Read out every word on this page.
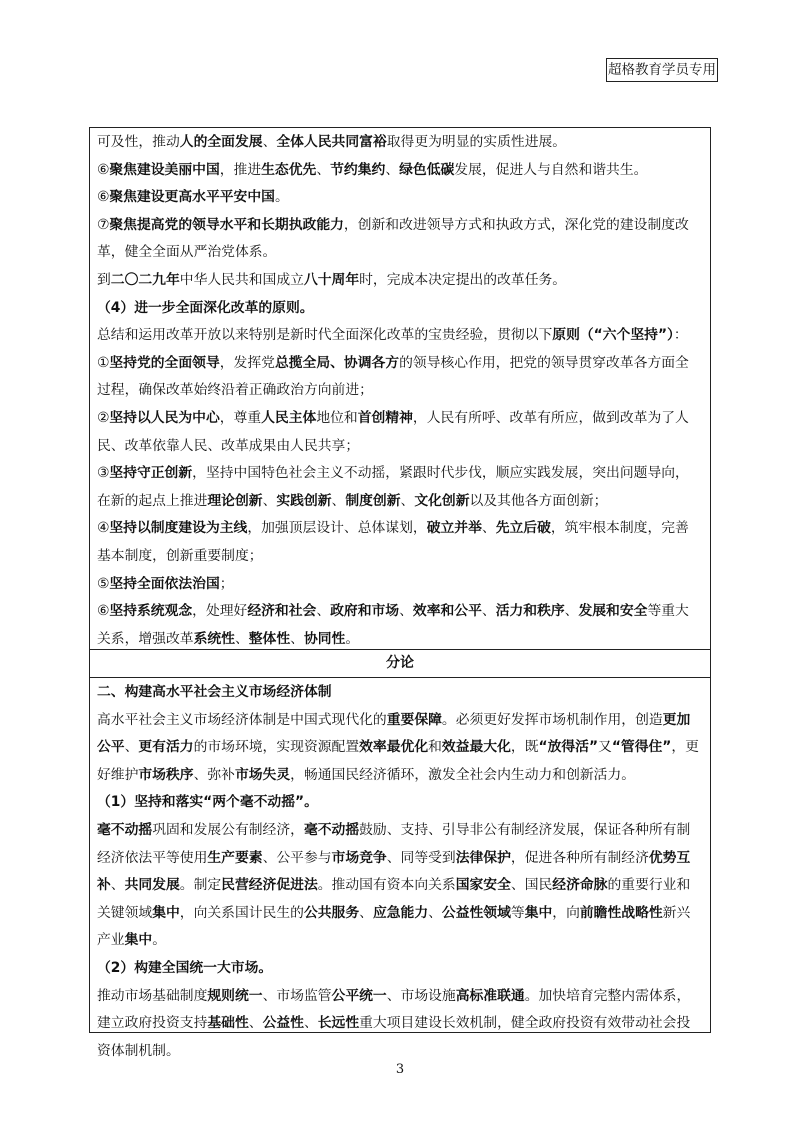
超格教育学员专用

可及性，推动人的全面发展、全体人民共同富裕取得更为明显的实质性进展。

⑥聚焦建设美丽中国，推进生态优先、节约集约、绿色低碳发展，促进人与自然和谐共生。

⑥聚焦建设更高水平平安中国。

⑦聚焦提高党的领导水平和长期执政能力，创新和改进领导方式和执政方式，深化党的建设制度改革，健全全面从严治党体系。

到二〇二九年中华人民共和国成立八十周年时，完成本决定提出的改革任务。

（4）进一步全面深化改革的原则。

总结和运用改革开放以来特别是新时代全面深化改革的宝贵经验，贯彻以下原则（“六个坚持”）：

①坚持党的全面领导，发挥党总揽全局、协调各方的领导核心作用，把党的领导贯穿改革各方面全过程，确保改革始终沿着正确政治方向前进；

②坚持以人民为中心，尊重人民主体地位和首创精神，人民有所呼、改革有所应，做到改革为了人民、改革依靠人民、改革成果由人民共享；

③坚持守正创新，坚持中国特色社会主义不动摇，紧跟时代步伐，顺应实践发展，突出问题导向，在新的起点上推进理论创新、实践创新、制度创新、文化创新以及其他各方面创新；

④坚持以制度建设为主线，加强顶层设计、总体谋划，破立并举、先立后破，筑牢根本制度，完善基本制度，创新重要制度；

⑤坚持全面依法治国；

⑥坚持系统观念，处理好经济和社会、政府和市场、效率和公平、活力和秩序、发展和安全等重大关系，增强改革系统性、整体性、协同性。

分论

二、构建高水平社会主义市场经济体制

高水平社会主义市场经济体制是中国式现代化的重要保障。必须更好发挥市场机制作用，创造更加公平、更有活力的市场环境，实现资源配置效率最优化和效益最大化，既“放得活”又“管得住”，更好维护市场秩序、弥补市场失灵，畅通国民经济循环，激发全社会内生动力和创新活力。

（1）坚持和落实“两个毫不动摇”。

毫不动摇巩固和发展公有制经济，毫不动摇鼓励、支持、引导非公有制经济发展，保证各种所有制经济依法平等使用生产要素、公平参与市场竞争、同等受到法律保护，促进各种所有制经济优势互补、共同发展。制定民营经济促进法。推动国有资本向关系国家安全、国民经济命脉的重要行业和关键领域集中，向关系国计民生的公共服务、应急能力、公益性领域等集中，向前瞻性战略性新兴产业集中。

（2）构建全国统一大市场。

推动市场基础制度规则统一、市场监管公平统一、市场设施高标准联通。加快培育完整内需体系，建立政府投资支持基础性、公益性、长远性重大项目建设长效机制，健全政府投资有效带动社会投资体制机制。

3
